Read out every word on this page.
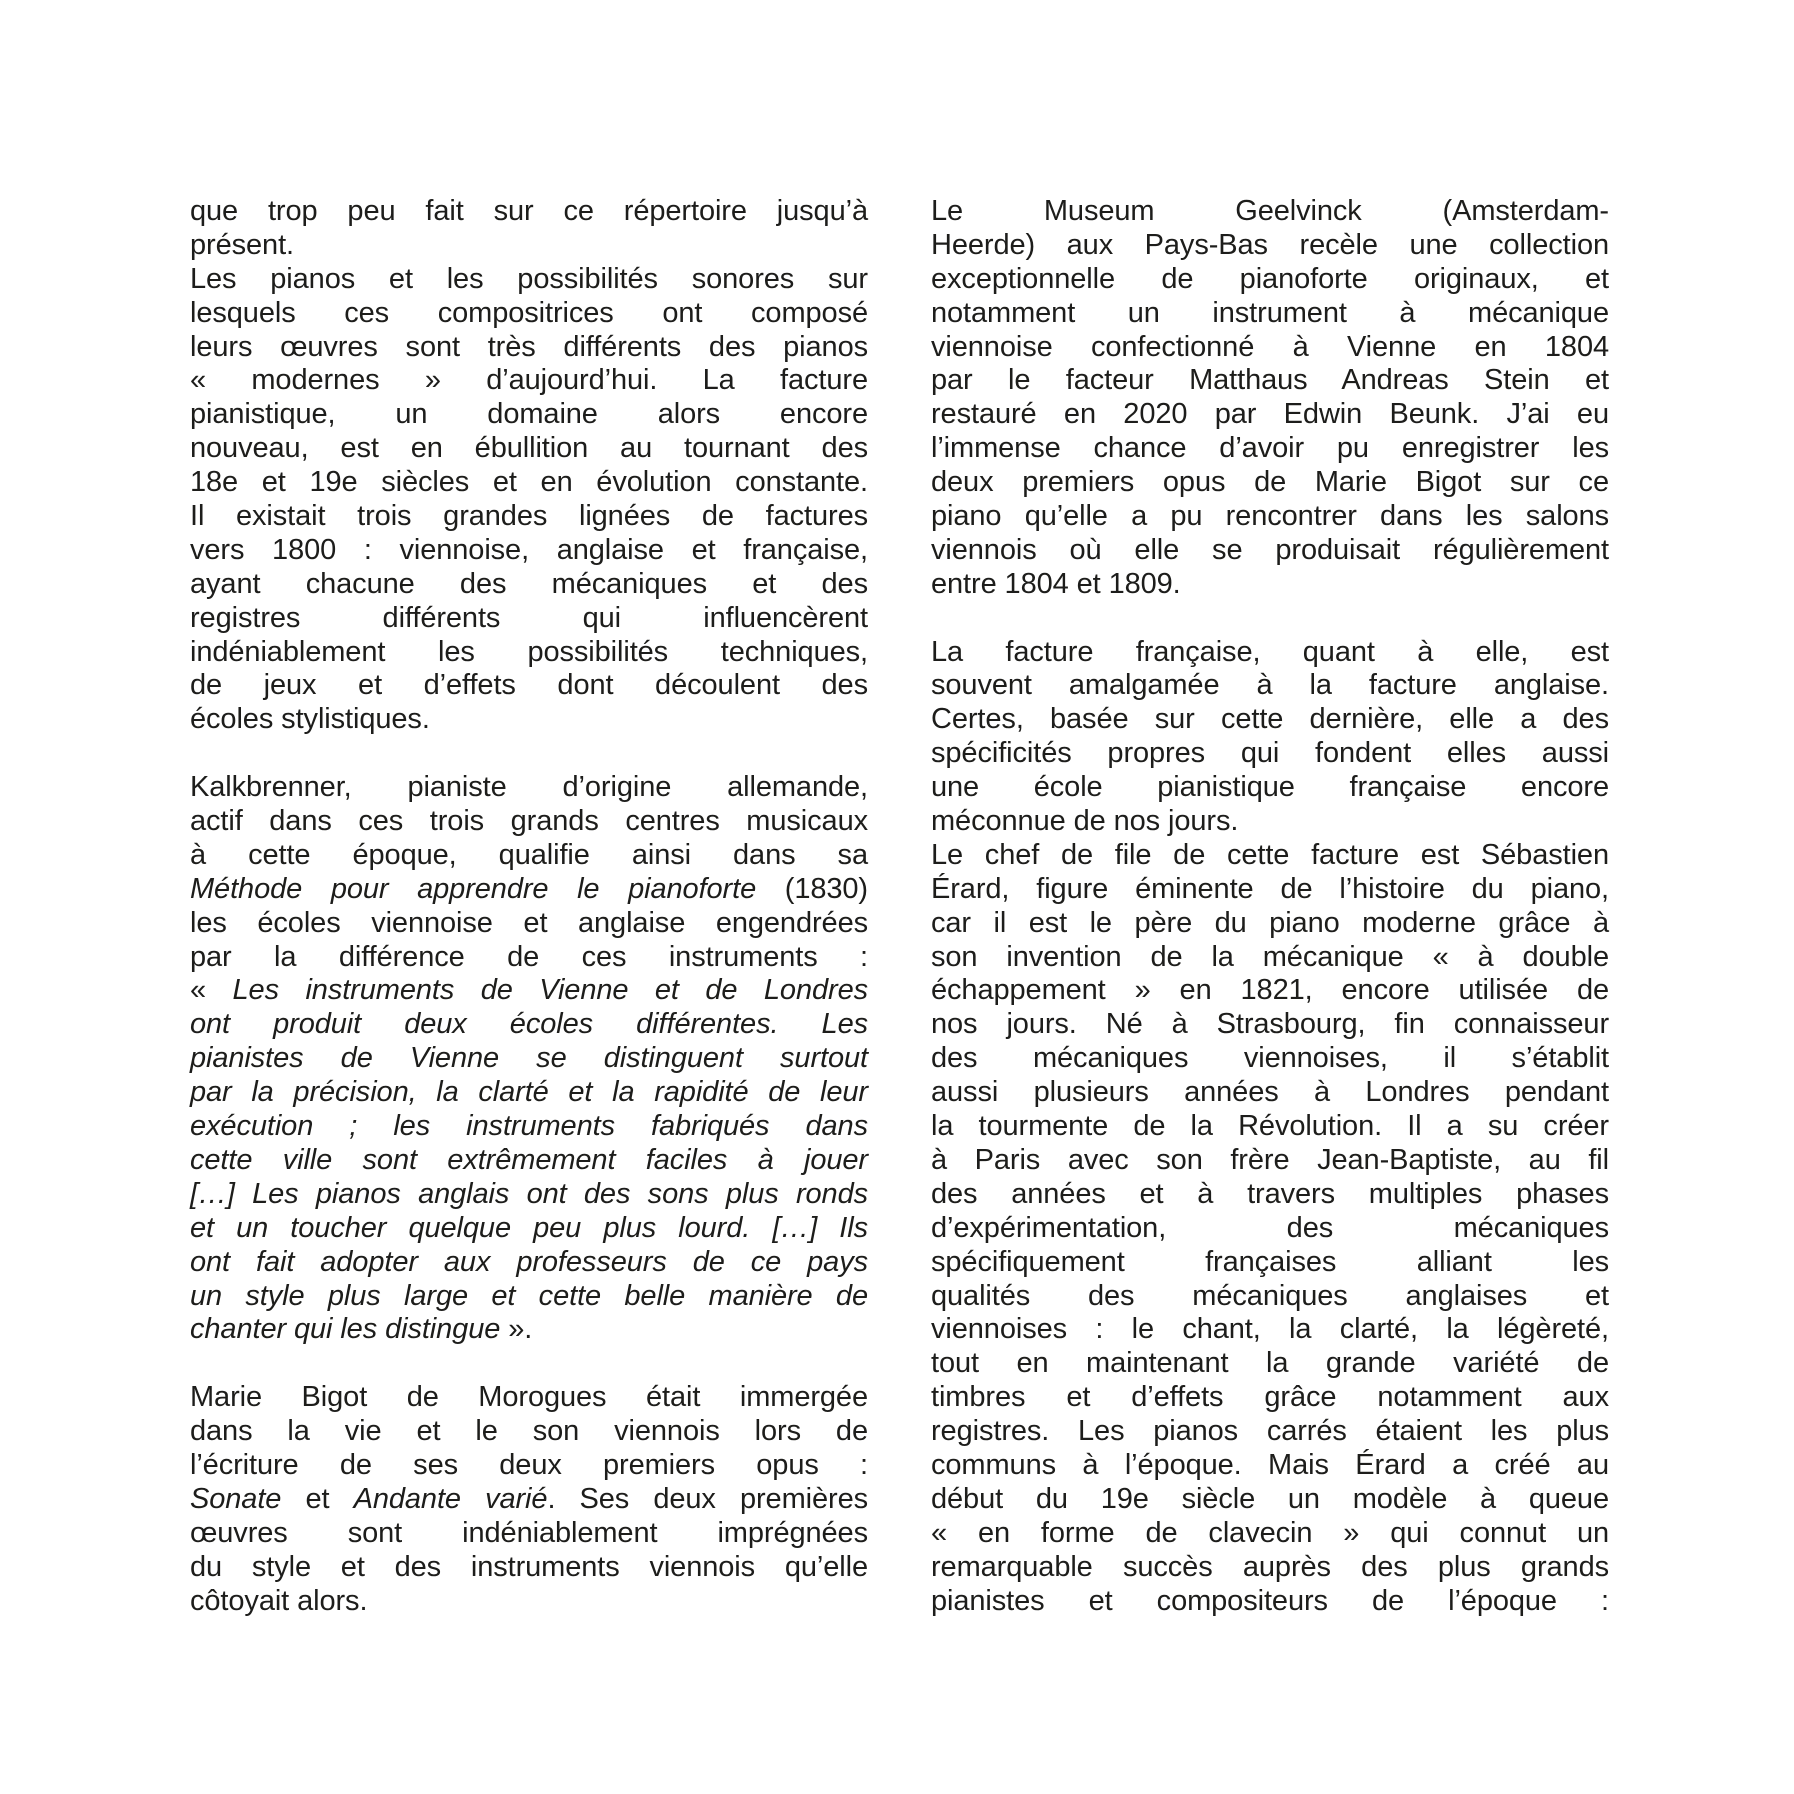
que trop peu fait sur ce répertoire jusqu’à
présent.
Les pianos et les possibilités sonores sur
lesquels ces compositrices ont composé
leurs œuvres sont très différents des pianos
« modernes » d’aujourd’hui. La facture
pianistique, un domaine alors encore
nouveau, est en ébullition au tournant des
18e et 19e siècles et en évolution constante.
Il existait trois grandes lignées de factures
vers 1800 : viennoise, anglaise et française,
ayant chacune des mécaniques et des
registres différents qui influencèrent
indéniablement les possibilités techniques,
de jeux et d’effets dont découlent des
écoles stylistiques.
Kalkbrenner, pianiste d’origine allemande,
actif dans ces trois grands centres musicaux
à cette époque, qualifie ainsi dans sa
Méthode pour apprendre le pianoforte (1830)
les écoles viennoise et anglaise engendrées
par la différence de ces instruments :
« Les instruments de Vienne et de Londres
ont produit deux écoles différentes. Les
pianistes de Vienne se distinguent surtout
par la précision, la clarté et la rapidité de leur
exécution ; les instruments fabriqués dans
cette ville sont extrêmement faciles à jouer
[…] Les pianos anglais ont des sons plus ronds
et un toucher quelque peu plus lourd. […] Ils
ont fait adopter aux professeurs de ce pays
un style plus large et cette belle manière de
chanter qui les distingue ».
Marie Bigot de Morogues était immergée
dans la vie et le son viennois lors de
l’écriture de ses deux premiers opus :
Sonate et Andante varié. Ses deux premières
œuvres sont indéniablement imprégnées
du style et des instruments viennois qu’elle
côtoyait alors.
Le Museum Geelvinck (Amsterdam-
Heerde) aux Pays-Bas recèle une collection
exceptionnelle de pianoforte originaux, et
notamment un instrument à mécanique
viennoise confectionné à Vienne en 1804
par le facteur Matthaus Andreas Stein et
restauré en 2020 par Edwin Beunk. J’ai eu
l’immense chance d’avoir pu enregistrer les
deux premiers opus de Marie Bigot sur ce
piano qu’elle a pu rencontrer dans les salons
viennois où elle se produisait régulièrement
entre 1804 et 1809.
La facture française, quant à elle, est
souvent amalgamée à la facture anglaise.
Certes, basée sur cette dernière, elle a des
spécificités propres qui fondent elles aussi
une école pianistique française encore
méconnue de nos jours.
Le chef de file de cette facture est Sébastien
Érard, figure éminente de l’histoire du piano,
car il est le père du piano moderne grâce à
son invention de la mécanique « à double
échappement » en 1821, encore utilisée de
nos jours. Né à Strasbourg, fin connaisseur
des mécaniques viennoises, il s’établit
aussi plusieurs années à Londres pendant
la tourmente de la Révolution. Il a su créer
à Paris avec son frère Jean-Baptiste, au fil
des années et à travers multiples phases
d’expérimentation, des mécaniques
spécifiquement françaises alliant les
qualités des mécaniques anglaises et
viennoises : le chant, la clarté, la légèreté,
tout en maintenant la grande variété de
timbres et d’effets grâce notamment aux
registres. Les pianos carrés étaient les plus
communs à l’époque. Mais Érard a créé au
début du 19e siècle un modèle à queue
« en forme de clavecin » qui connut un
remarquable succès auprès des plus grands
pianistes et compositeurs de l’époque :
